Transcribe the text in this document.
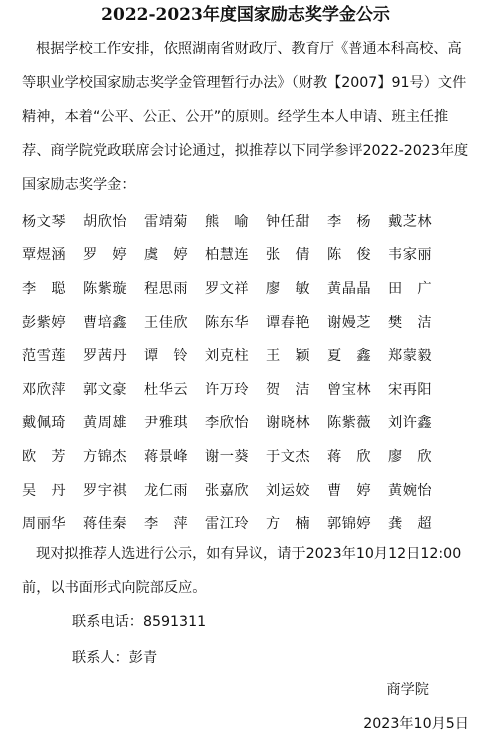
2022-2023年度国家励志奖学金公示

根据学校工作安排，依照湖南省财政厅、教育厅《普通本科高校、高等职业学校国家励志奖学金管理暂行办法》（财教【2007】91号）文件精神，本着“公平、公正、公开”的原则。经学生本人申请、班主任推荐、商学院党政联席会讨论通过，拟推荐以下同学参评2022-2023年度国家励志奖学金：

杨文琴	胡欣怡	雷靖菊	熊　喻	钟任甜	李　杨	戴芝林
覃煜涵	罗　婷	虞　婷	柏慧连	张　倩	陈　俊	韦家丽
李　聪	陈紫璇	程思雨	罗文祥	廖　敏	黄晶晶	田　广
彭紫婷	曹培鑫	王佳欣	陈东华	谭春艳	谢嫚芝	樊　洁
范雪莲	罗茜丹	谭　铃	刘克柱	王　颖	夏　鑫	郑蒙毅
邓欣萍	郭文豪	杜华云	许万玲	贺　洁	曾宝林	宋再阳
戴佩琦	黄周雄	尹雅琪	李欣怡	谢晓林	陈紫薇	刘许鑫
欧　芳	方锦杰	蒋景峰	谢一葵	于文杰	蒋　欣	廖　欣
吴　丹	罗宇祺	龙仁雨	张嘉欣	刘运姣	曹　婷	黄婉怡
周丽华	蒋佳秦	李　萍	雷江玲	方　楠	郭锦婷	龚　超

现对拟推荐人选进行公示，如有异议，请于2023年10月12日12:00前，以书面形式向院部反应。

联系电话：8591311
联系人：彭青
商学院
2023年10月5日
